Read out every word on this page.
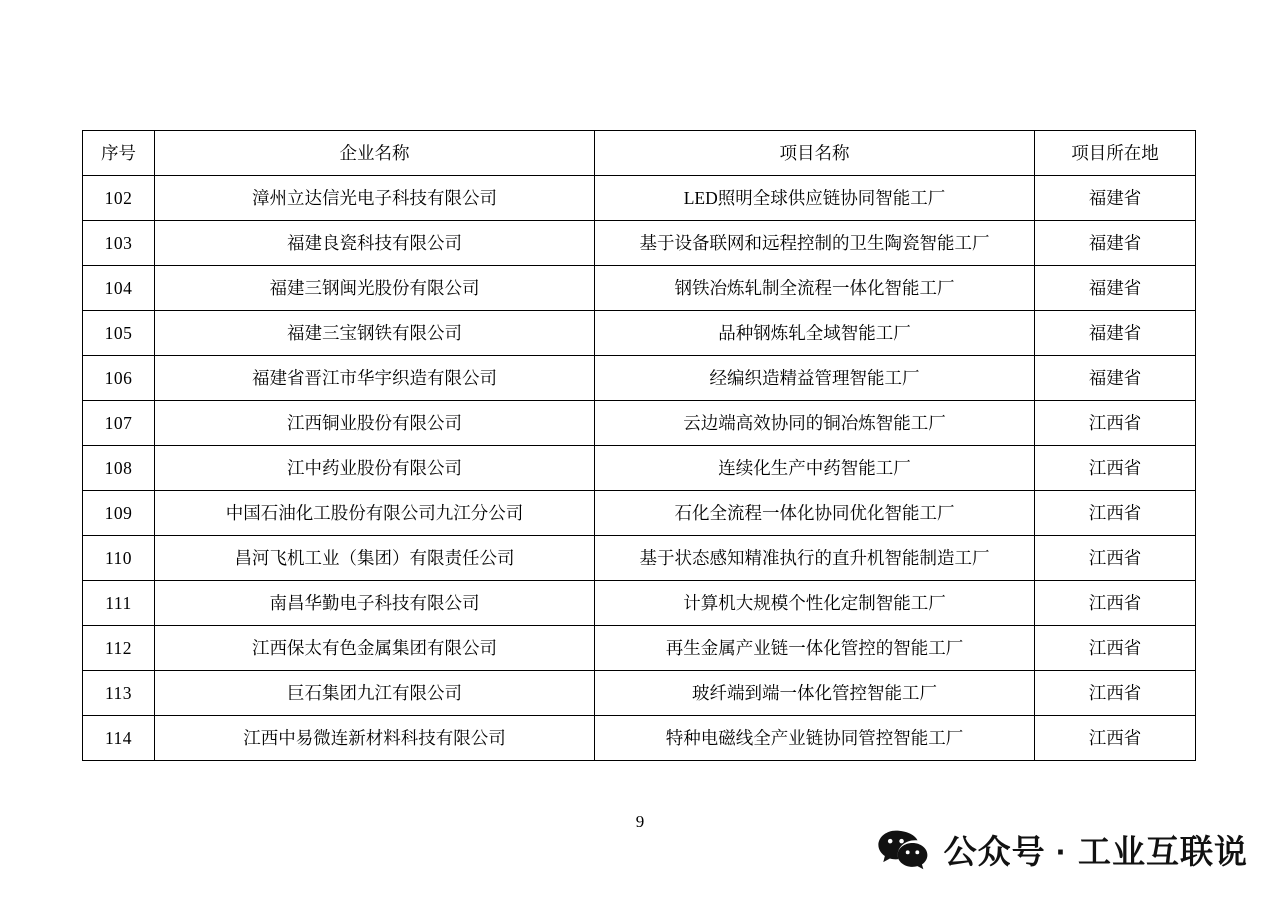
序号	企业名称	项目名称	项目所在地
102	漳州立达信光电子科技有限公司	LED照明全球供应链协同智能工厂	福建省
103	福建良瓷科技有限公司	基于设备联网和远程控制的卫生陶瓷智能工厂	福建省
104	福建三钢闽光股份有限公司	钢铁冶炼轧制全流程一体化智能工厂	福建省
105	福建三宝钢铁有限公司	品种钢炼轧全域智能工厂	福建省
106	福建省晋江市华宇织造有限公司	经编织造精益管理智能工厂	福建省
107	江西铜业股份有限公司	云边端高效协同的铜冶炼智能工厂	江西省
108	江中药业股份有限公司	连续化生产中药智能工厂	江西省
109	中国石油化工股份有限公司九江分公司	石化全流程一体化协同优化智能工厂	江西省
110	昌河飞机工业（集团）有限责任公司	基于状态感知精准执行的直升机智能制造工厂	江西省
111	南昌华勤电子科技有限公司	计算机大规模个性化定制智能工厂	江西省
112	江西保太有色金属集团有限公司	再生金属产业链一体化管控的智能工厂	江西省
113	巨石集团九江有限公司	玻纤端到端一体化管控智能工厂	江西省
114	江西中易微连新材料科技有限公司	特种电磁线全产业链协同管控智能工厂	江西省
9
公众号 · 工业互联说
